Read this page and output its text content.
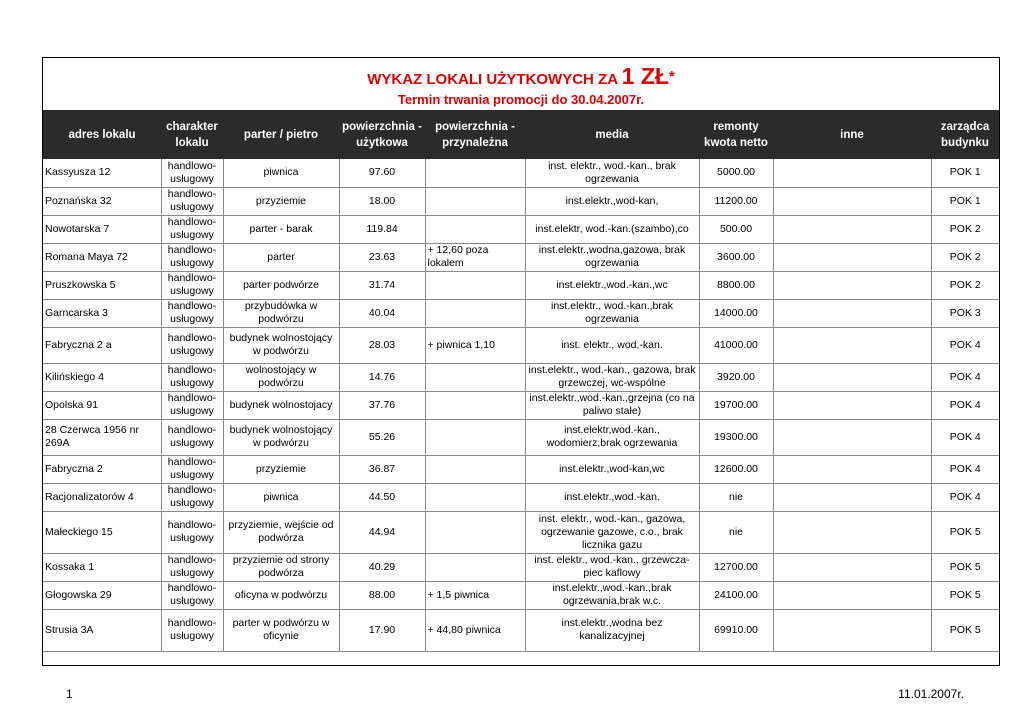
WYKAZ LOKALI UŻYTKOWYCH ZA 1 ZŁ*
Termin trwania promocji do 30.04.2007r.
adres lokalu	charakter lokalu	parter / pietro	powierzchnia - użytkowa	powierzchnia - przynależna	media	remonty kwota netto	inne	zarządca budynku
Kassyusza 12	handlowo-usługowy	piwnica	97.60		inst. elektr., wod.-kan., brak ogrzewania	5000.00		POK 1
Poznańska 32	handlowo-usługowy	przyziemie	18.00		inst.elektr.,wod-kan,	11200.00		POK 1
Nowotarska 7	handlowo-usługowy	parter - barak	119.84		inst.elektr, wod.-kan.(szambo),co	500.00		POK 2
Romana Maya 72	handlowo-usługowy	parter	23.63	+ 12,60 poza lokalem	inst.elektr.,wodna,gazowa, brak ogrzewania	3600.00		POK 2
Pruszkowska 5	handlowo-usługowy	parter podwórze	31.74		inst.elektr.,wod.-kan.,wc	8800.00		POK 2
Garncarska 3	handlowo-usługowy	przybudówka w podwórzu	40.04		inst.elektr., wod.-kan.,brak ogrzewania	14000.00		POK 3
Fabryczna 2 a	handlowo-usługowy	budynek wolnostojący w podwórzu	28.03	+ piwnica 1,10	inst. elektr., wod.-kan.	41000.00		POK 4
Kilińskiego 4	handlowo-usługowy	wolnostojący w podwórzu	14.76		inst.elektr., wod.-kan., gazowa, brak grzewczej, wc-wspólne	3920.00		POK 4
Opolska 91	handlowo-usługowy	budynek wolnostojacy	37.76		inst.elektr.,wod.-kan.,grzejna (co na paliwo stałe)	19700.00		POK 4
28 Czerwca 1956 nr 269A	handlowo-usługowy	budynek wolnostojący w podwórzu	55.26		inst.elektr,wod.-kan., wodomierz,brak ogrzewania	19300.00		POK 4
Fabryczna 2	handlowo-usługowy	przyziemie	36.87		inst.elektr.,wod-kan,wc	12600.00		POK 4
Racjonalizatorów 4	handlowo-usługowy	piwnica	44.50		inst.elektr.,wod.-kan.	nie		POK 4
Małeckiego 15	handlowo-usługowy	przyziemie, wejście od podwórza	44.94		inst. elektr., wod.-kan., gazowa, ogrzewanie gazowe, c.o., brak licznika gazu	nie		POK 5
Kossaka 1	handlowo-usługowy	przyziemie od strony podwórza	40.29		inst. elektr., wod.-kan., grzewcza-piec kaflowy	12700.00		POK 5
Głogowska 29	handlowo-usługowy	oficyna w podwórzu	88.00	+ 1,5 piwnica	inst.elektr.,wod.-kan.,brak ogrzewania,brak w.c.	24100.00		POK 5
Strusia 3A	handlowo-usługowy	parter w podwórzu w oficynie	17.90	+ 44,80 piwnica	inst.elektr.,wodna bez kanalizacyjnej	69910.00		POK 5
1	11.01.2007r.
